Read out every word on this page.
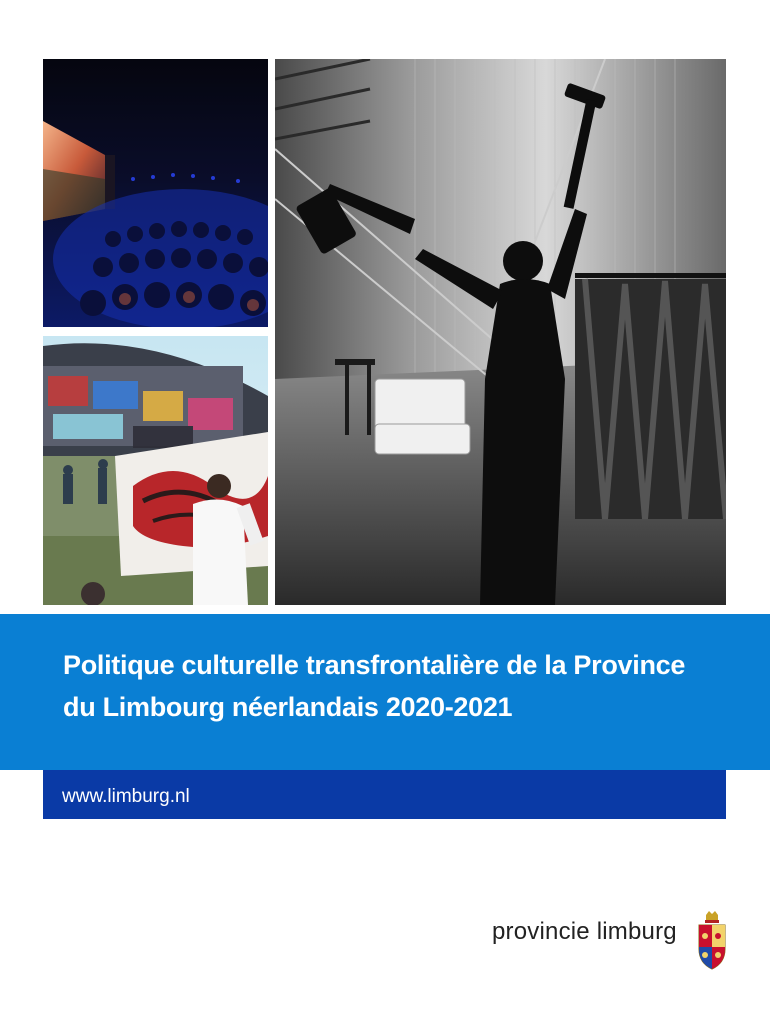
Politique culturelle transfrontalière de la Province
du Limbourg néerlandais 2020-2021
www.limburg.nl
provincie limburg
